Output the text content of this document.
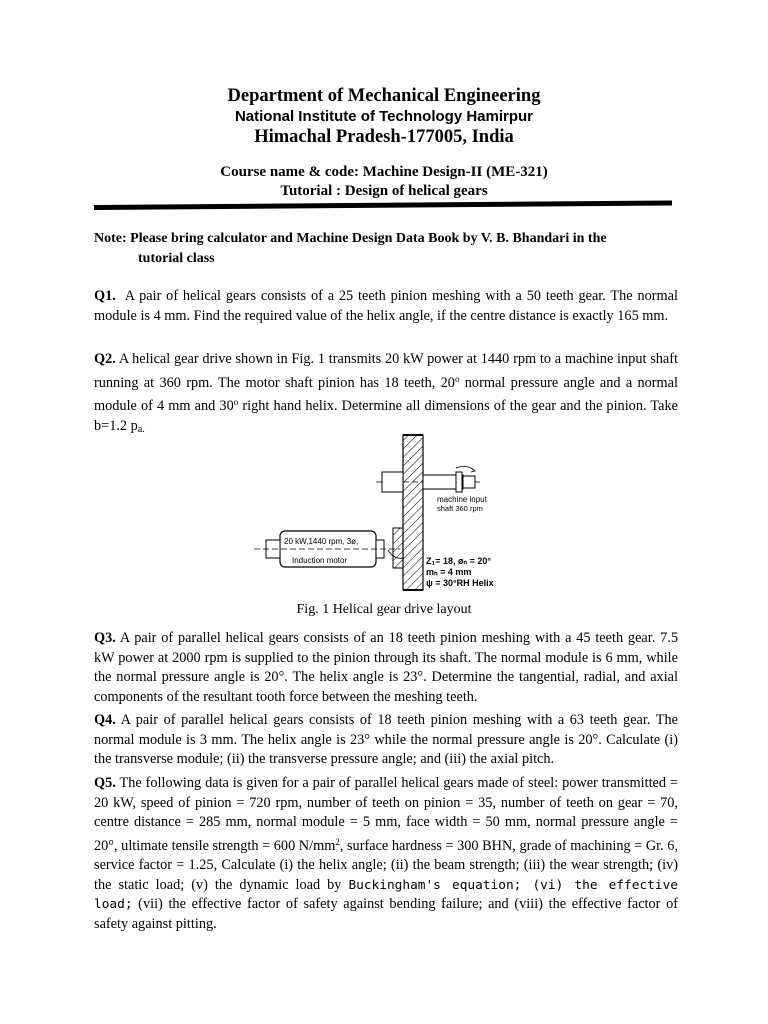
Department of Mechanical Engineering
National Institute of Technology Hamirpur
Himachal Pradesh-177005, India
Course name & code: Machine Design-II (ME-321)
Tutorial : Design of helical gears
Note: Please bring calculator and Machine Design Data Book by V. B. Bhandari in the
tutorial class
Q1. A pair of helical gears consists of a 25 teeth pinion meshing with a 50 teeth gear. The normal module is 4 mm. Find the required value of the helix angle, if the centre distance is exactly 165 mm.
Q2. A helical gear drive shown in Fig. 1 transmits 20 kW power at 1440 rpm to a machine input shaft running at 360 rpm. The motor shaft pinion has 18 teeth, 20$^o$ normal pressure angle and a normal module of 4 mm and 30$^o$ right hand helix. Determine all dimensions of the gear and the pinion. Take b=1.2 $p_{a.}$
20 kW,1440 rpm, 3ø,
Induction motor
machine input
shaft 360 rpm
Z₁= 18, øₙ = 20°
mₙ = 4 mm
ψ = 30°RH Helix
Fig. 1 Helical gear drive layout
Q3. A pair of parallel helical gears consists of an 18 teeth pinion meshing with a 45 teeth gear. 7.5 kW power at 2000 rpm is supplied to the pinion through its shaft. The normal module is 6 mm, while the normal pressure angle is 20°. The helix angle is 23°. Determine the tangential, radial, and axial components of the resultant tooth force between the meshing teeth.
Q4. A pair of parallel helical gears consists of 18 teeth pinion meshing with a 63 teeth gear. The normal module is 3 mm. The helix angle is 23° while the normal pressure angle is 20°. Calculate (i) the transverse module; (ii) the transverse pressure angle; and (iii) the axial pitch.
Q5. The following data is given for a pair of parallel helical gears made of steel: power transmitted = 20 kW, speed of pinion = 720 rpm, number of teeth on pinion = 35, number of teeth on gear = 70, centre distance = 285 mm, normal module = 5 mm, face width = 50 mm, normal pressure angle = 20°, ultimate tensile strength = 600 $N/mm^2$, surface hardness = 300 BHN, grade of machining = Gr. 6, service factor = 1.25, Calculate (i) the helix angle; (ii) the beam strength; (iii) the wear strength; (iv) the static load; (v) the dynamic load by Buckingham's equation; (vi) the effective load; (vii) the effective factor of safety against bending failure; and (viii) the effective factor of safety against pitting.
